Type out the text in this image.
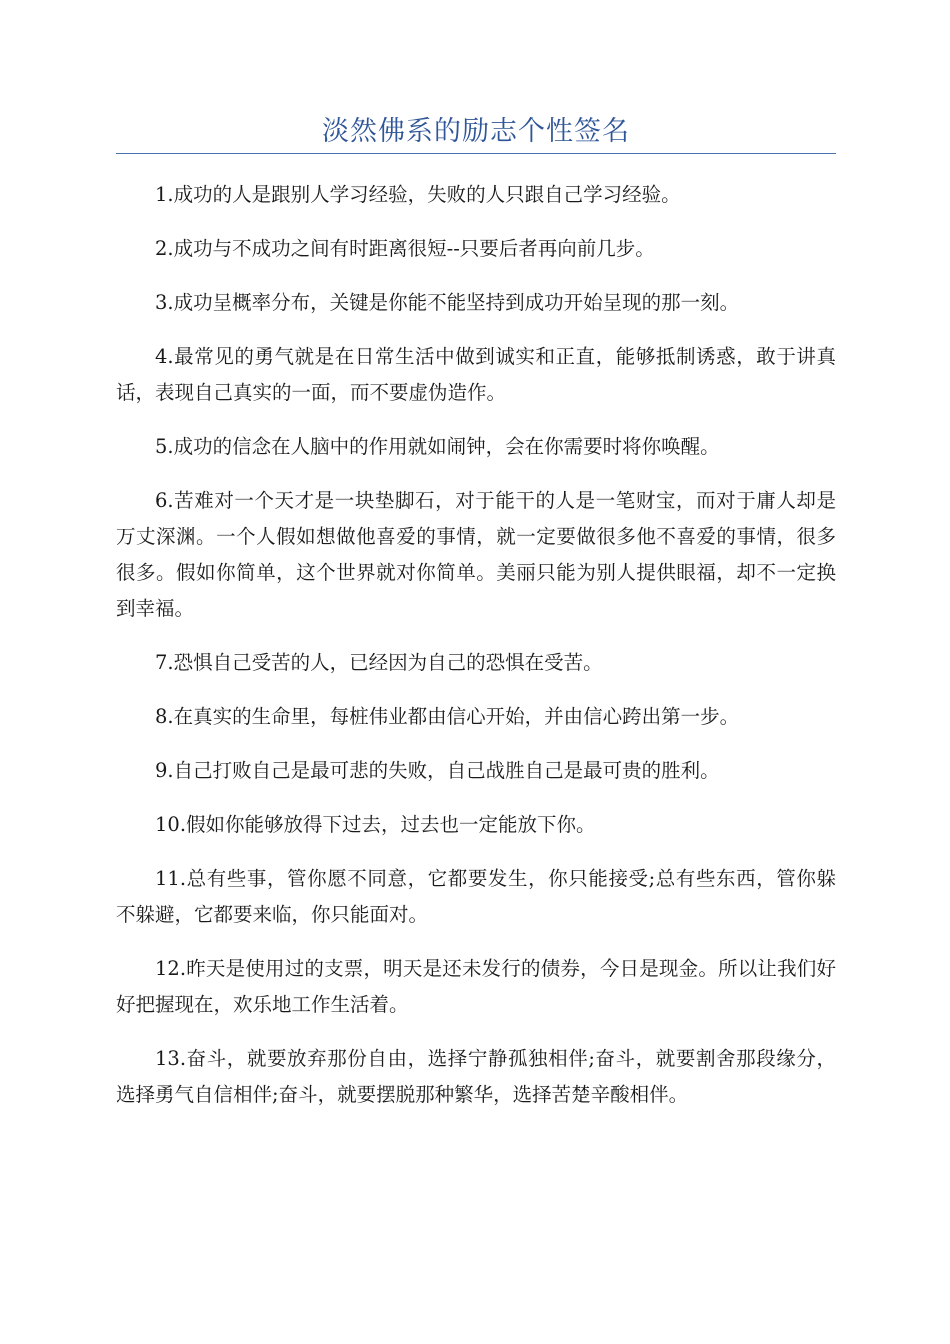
淡然佛系的励志个性签名

1.成功的人是跟别人学习经验，失败的人只跟自己学习经验。

2.成功与不成功之间有时距离很短--只要后者再向前几步。

3.成功呈概率分布，关键是你能不能坚持到成功开始呈现的那一刻。

4.最常见的勇气就是在日常生活中做到诚实和正直，能够抵制诱惑，敢于讲真话，表现自己真实的一面，而不要虚伪造作。

5.成功的信念在人脑中的作用就如闹钟，会在你需要时将你唤醒。

6.苦难对一个天才是一块垫脚石，对于能干的人是一笔财宝，而对于庸人却是万丈深渊。一个人假如想做他喜爱的事情，就一定要做很多他不喜爱的事情，很多很多。假如你简单，这个世界就对你简单。美丽只能为别人提供眼福，却不一定换到幸福。

7.恐惧自己受苦的人，已经因为自己的恐惧在受苦。

8.在真实的生命里，每桩伟业都由信心开始，并由信心跨出第一步。

9.自己打败自己是最可悲的失败，自己战胜自己是最可贵的胜利。

10.假如你能够放得下过去，过去也一定能放下你。

11.总有些事，管你愿不同意，它都要发生，你只能接受;总有些东西，管你躲不躲避，它都要来临，你只能面对。

12.昨天是使用过的支票，明天是还未发行的债券，今日是现金。所以让我们好好把握现在，欢乐地工作生活着。

13.奋斗，就要放弃那份自由，选择宁静孤独相伴;奋斗，就要割舍那段缘分，选择勇气自信相伴;奋斗，就要摆脱那种繁华，选择苦楚辛酸相伴。
